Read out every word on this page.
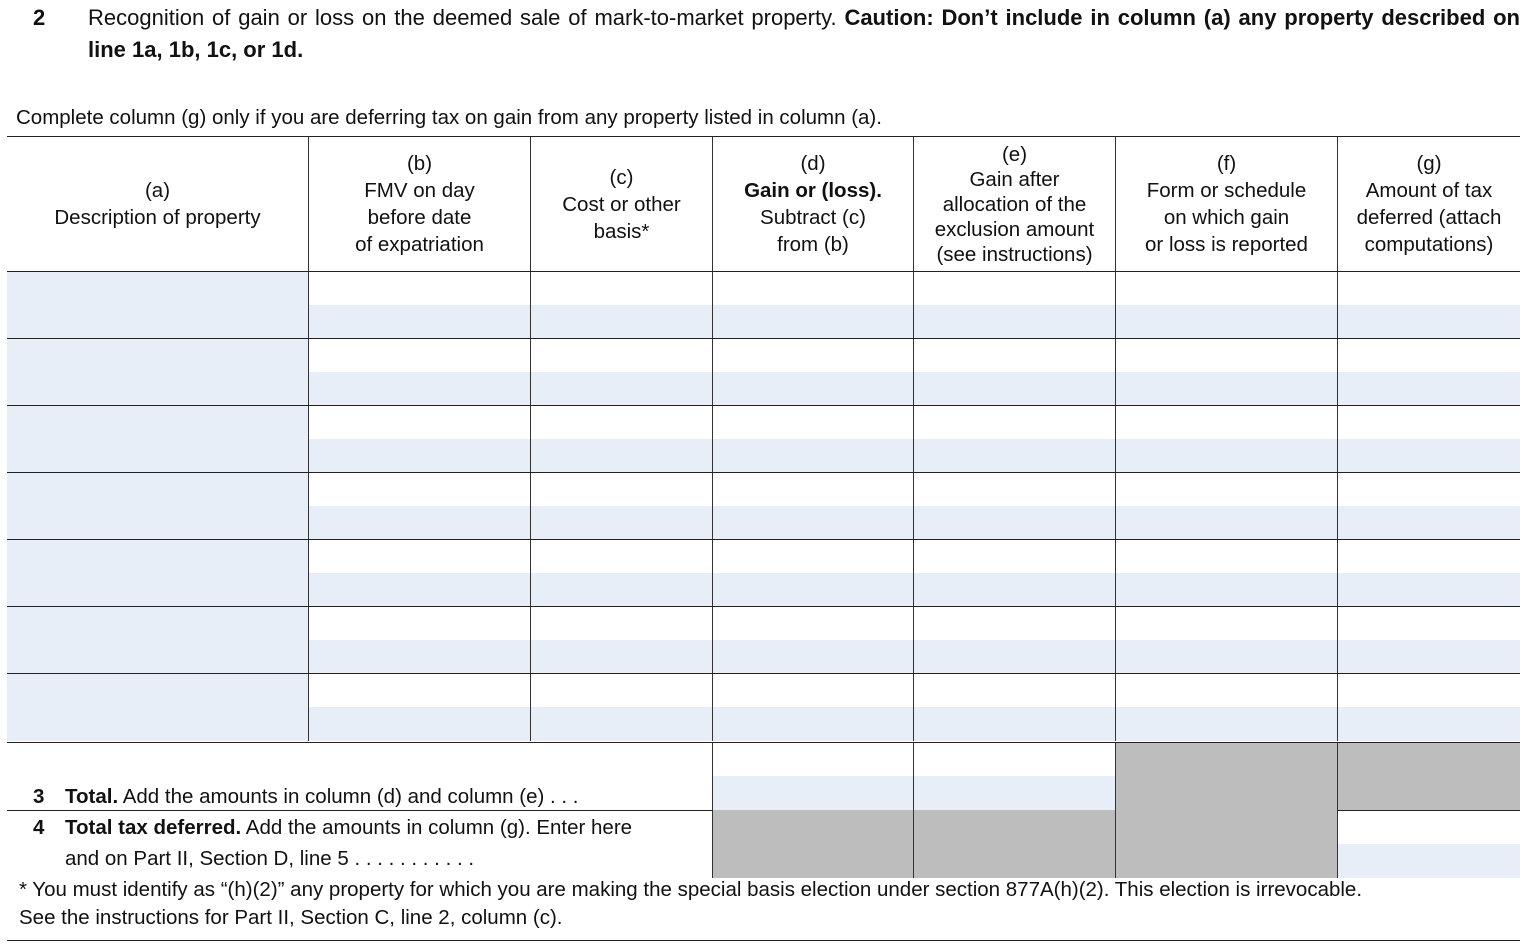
2 Recognition of gain or loss on the deemed sale of mark-to-market property. Caution: Don’t include in column (a) any property described on line 1a, 1b, 1c, or 1d.
Complete column (g) only if you are deferring tax on gain from any property listed in column (a).
(a)
Description of property
(b)
FMV on day
before date
of expatriation
(c)
Cost or other
basis*
(d)
Gain or (loss).
Subtract (c)
from (b)
(e)
Gain after
allocation of the
exclusion amount
(see instructions)
(f)
Form or schedule
on which gain
or loss is reported
(g)
Amount of tax
deferred (attach
computations)
3 Total. Add the amounts in column (d) and column (e) . . .
4 Total tax deferred. Add the amounts in column (g). Enter here
and on Part II, Section D, line 5 . . . . . . . . . . .
* You must identify as “(h)(2)” any property for which you are making the special basis election under section 877A(h)(2). This election is irrevocable.
See the instructions for Part II, Section C, line 2, column (c).
